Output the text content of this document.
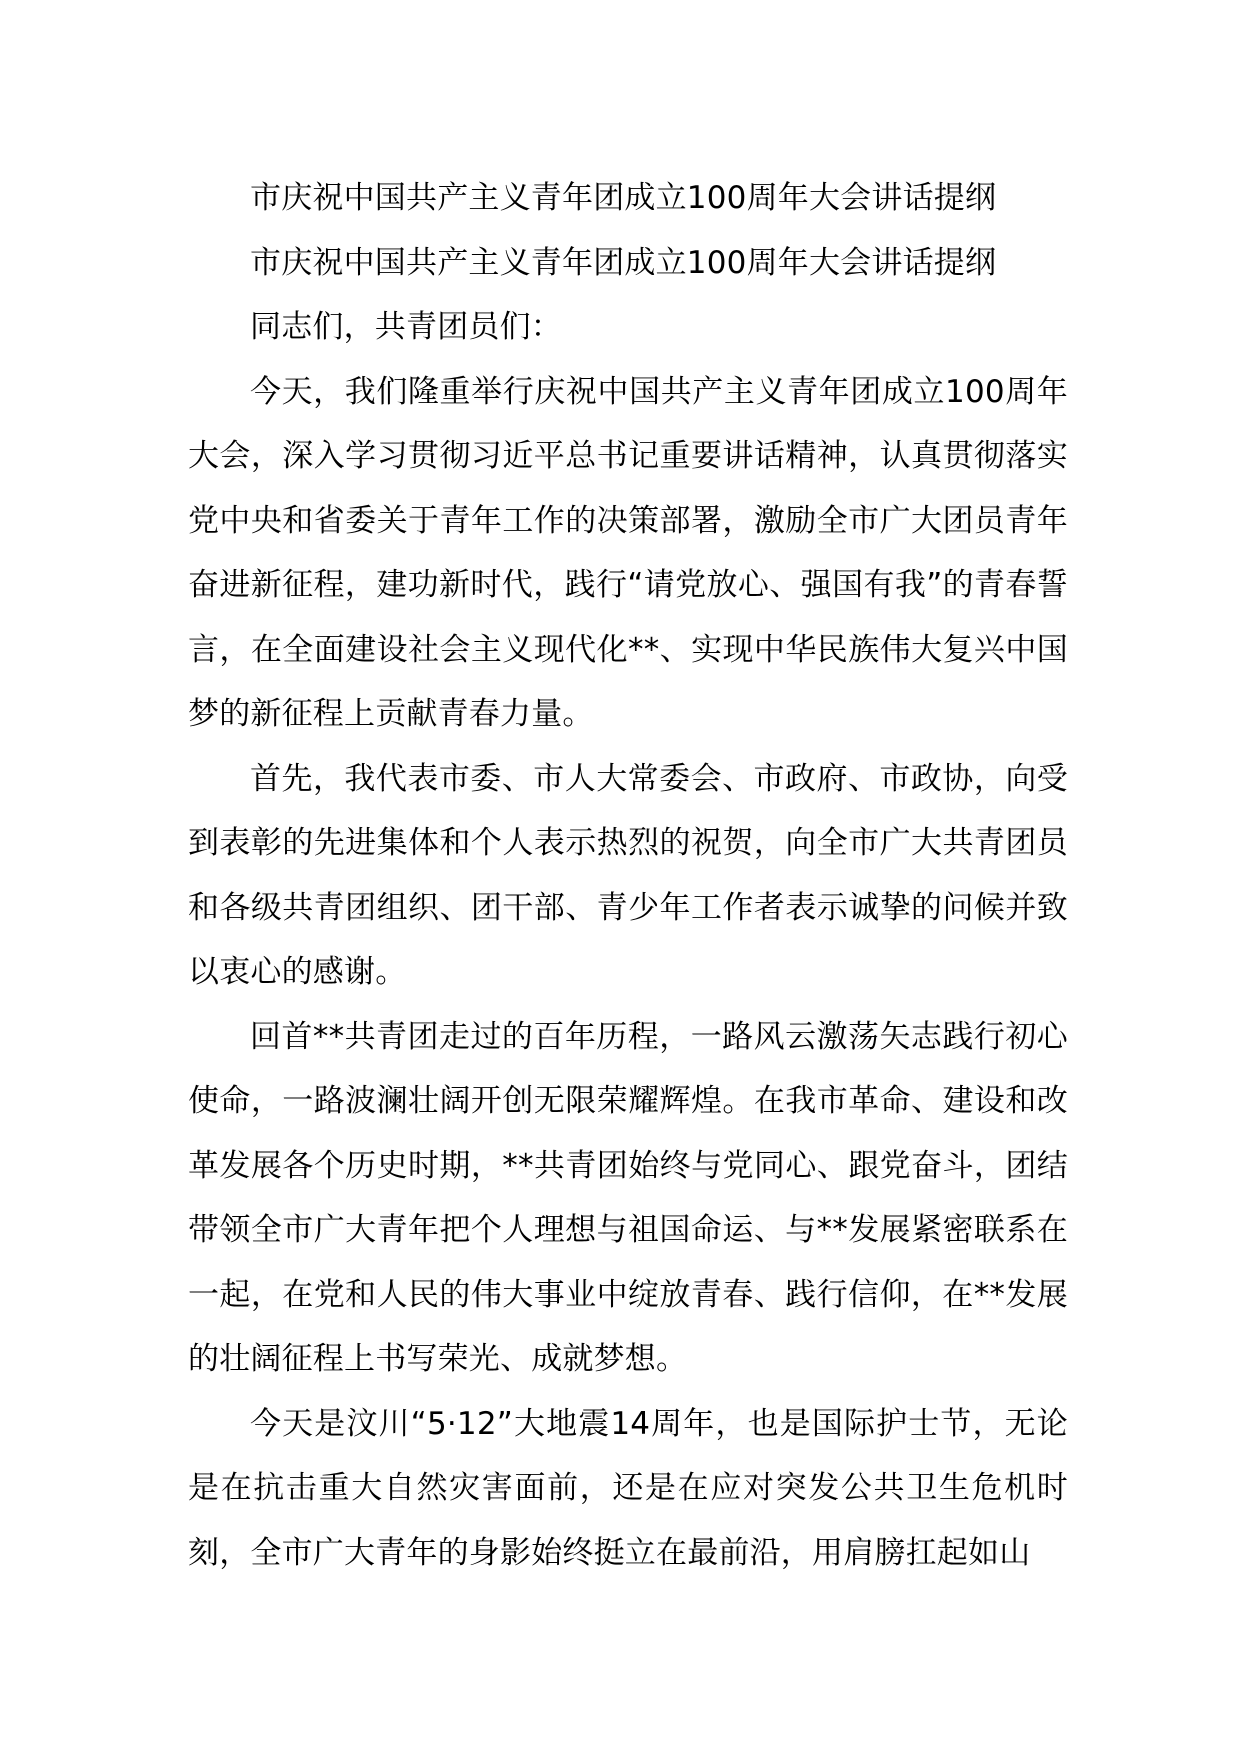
市庆祝中国共产主义青年团成立100周年大会讲话提纲
市庆祝中国共产主义青年团成立100周年大会讲话提纲
同志们，共青团员们：

今天，我们隆重举行庆祝中国共产主义青年团成立100周年大会，深入学习贯彻习近平总书记重要讲话精神，认真贯彻落实党中央和省委关于青年工作的决策部署，激励全市广大团员青年奋进新征程，建功新时代，践行“请党放心、强国有我”的青春誓言，在全面建设社会主义现代化**、实现中华民族伟大复兴中国梦的新征程上贡献青春力量。

首先，我代表市委、市人大常委会、市政府、市政协，向受到表彰的先进集体和个人表示热烈的祝贺，向全市广大共青团员和各级共青团组织、团干部、青少年工作者表示诚挚的问候并致以衷心的感谢。

回首**共青团走过的百年历程，一路风云激荡矢志践行初心使命，一路波澜壮阔开创无限荣耀辉煌。在我市革命、建设和改革发展各个历史时期，**共青团始终与党同心、跟党奋斗，团结带领全市广大青年把个人理想与祖国命运、与**发展紧密联系在一起，在党和人民的伟大事业中绽放青春、践行信仰，在**发展的壮阔征程上书写荣光、成就梦想。

今天是汶川“5·12”大地震14周年，也是国际护士节，无论是在抗击重大自然灾害面前，还是在应对突发公共卫生危机时刻，全市广大青年的身影始终挺立在最前沿，用肩膀扛起如山
